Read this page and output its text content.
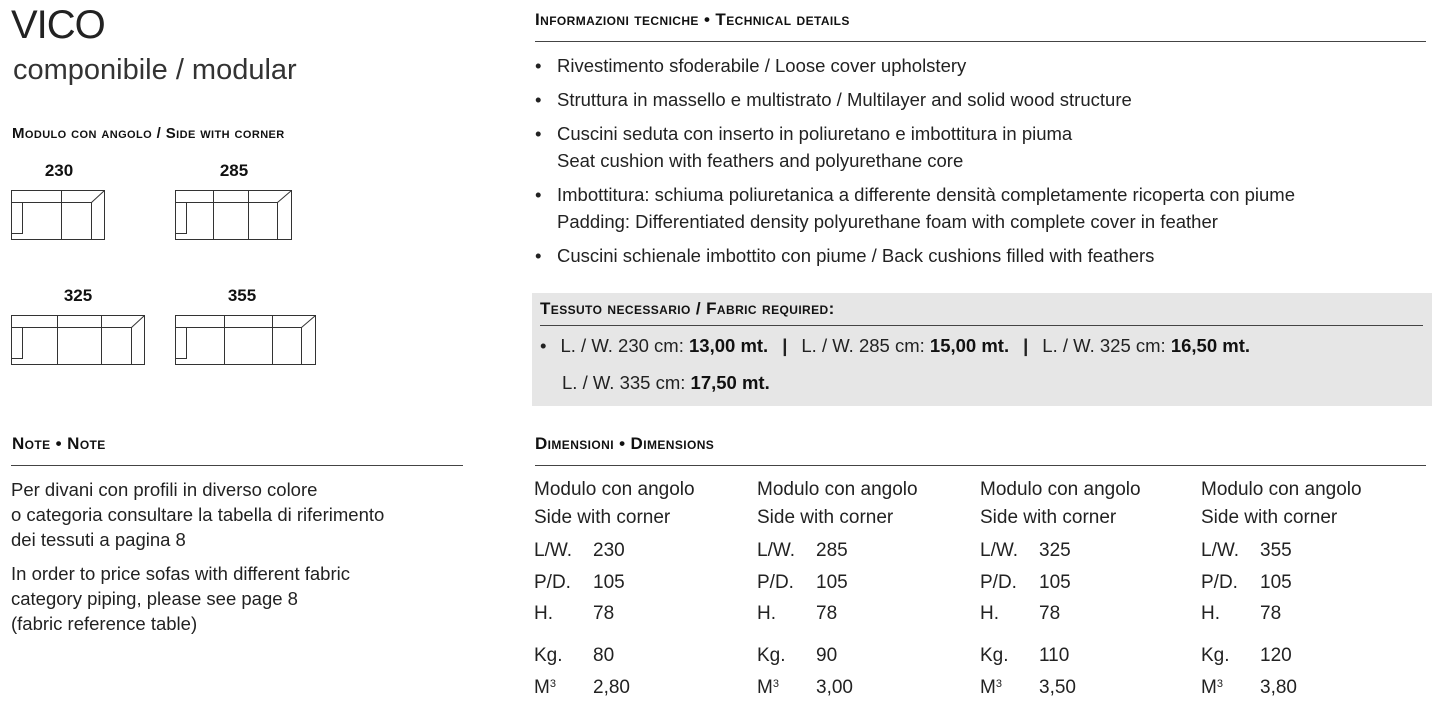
VICO
componibile / modular
Modulo con angolo / Side with corner
230	285
325	355
Note • Note
Per divani con profili in diverso colore
o categoria consultare la tabella di riferimento
dei tessuti a pagina 8
In order to price sofas with different fabric
category piping, please see page 8
(fabric reference table)
Informazioni tecniche • Technical details
• Rivestimento sfoderabile / Loose cover upholstery
• Struttura in massello e multistrato / Multilayer and solid wood structure
• Cuscini seduta con inserto in poliuretano e imbottitura in piuma
Seat cushion with feathers and polyurethane core
• Imbottitura: schiuma poliuretanica a differente densità completamente ricoperta con piume
Padding: Differentiated density polyurethane foam with complete cover in feather
• Cuscini schienale imbottito con piume / Back cushions filled with feathers
Tessuto necessario / Fabric required:
• L. / W. 230 cm: 13,00 mt. | L. / W. 285 cm: 15,00 mt. | L. / W. 325 cm: 16,50 mt.
L. / W. 335 cm: 17,50 mt.
Dimensioni • Dimensions
Modulo con angolo
Side with corner
L/W. 230
P/D. 105
H. 78
Kg. 80
$M^3$ 2,80
Modulo con angolo
Side with corner
L/W. 285
P/D. 105
H. 78
Kg. 90
$M^3$ 3,00
Modulo con angolo
Side with corner
L/W. 325
P/D. 105
H. 78
Kg. 110
$M^3$ 3,50
Modulo con angolo
Side with corner
L/W. 355
P/D. 105
H. 78
Kg. 120
$M^3$ 3,80
